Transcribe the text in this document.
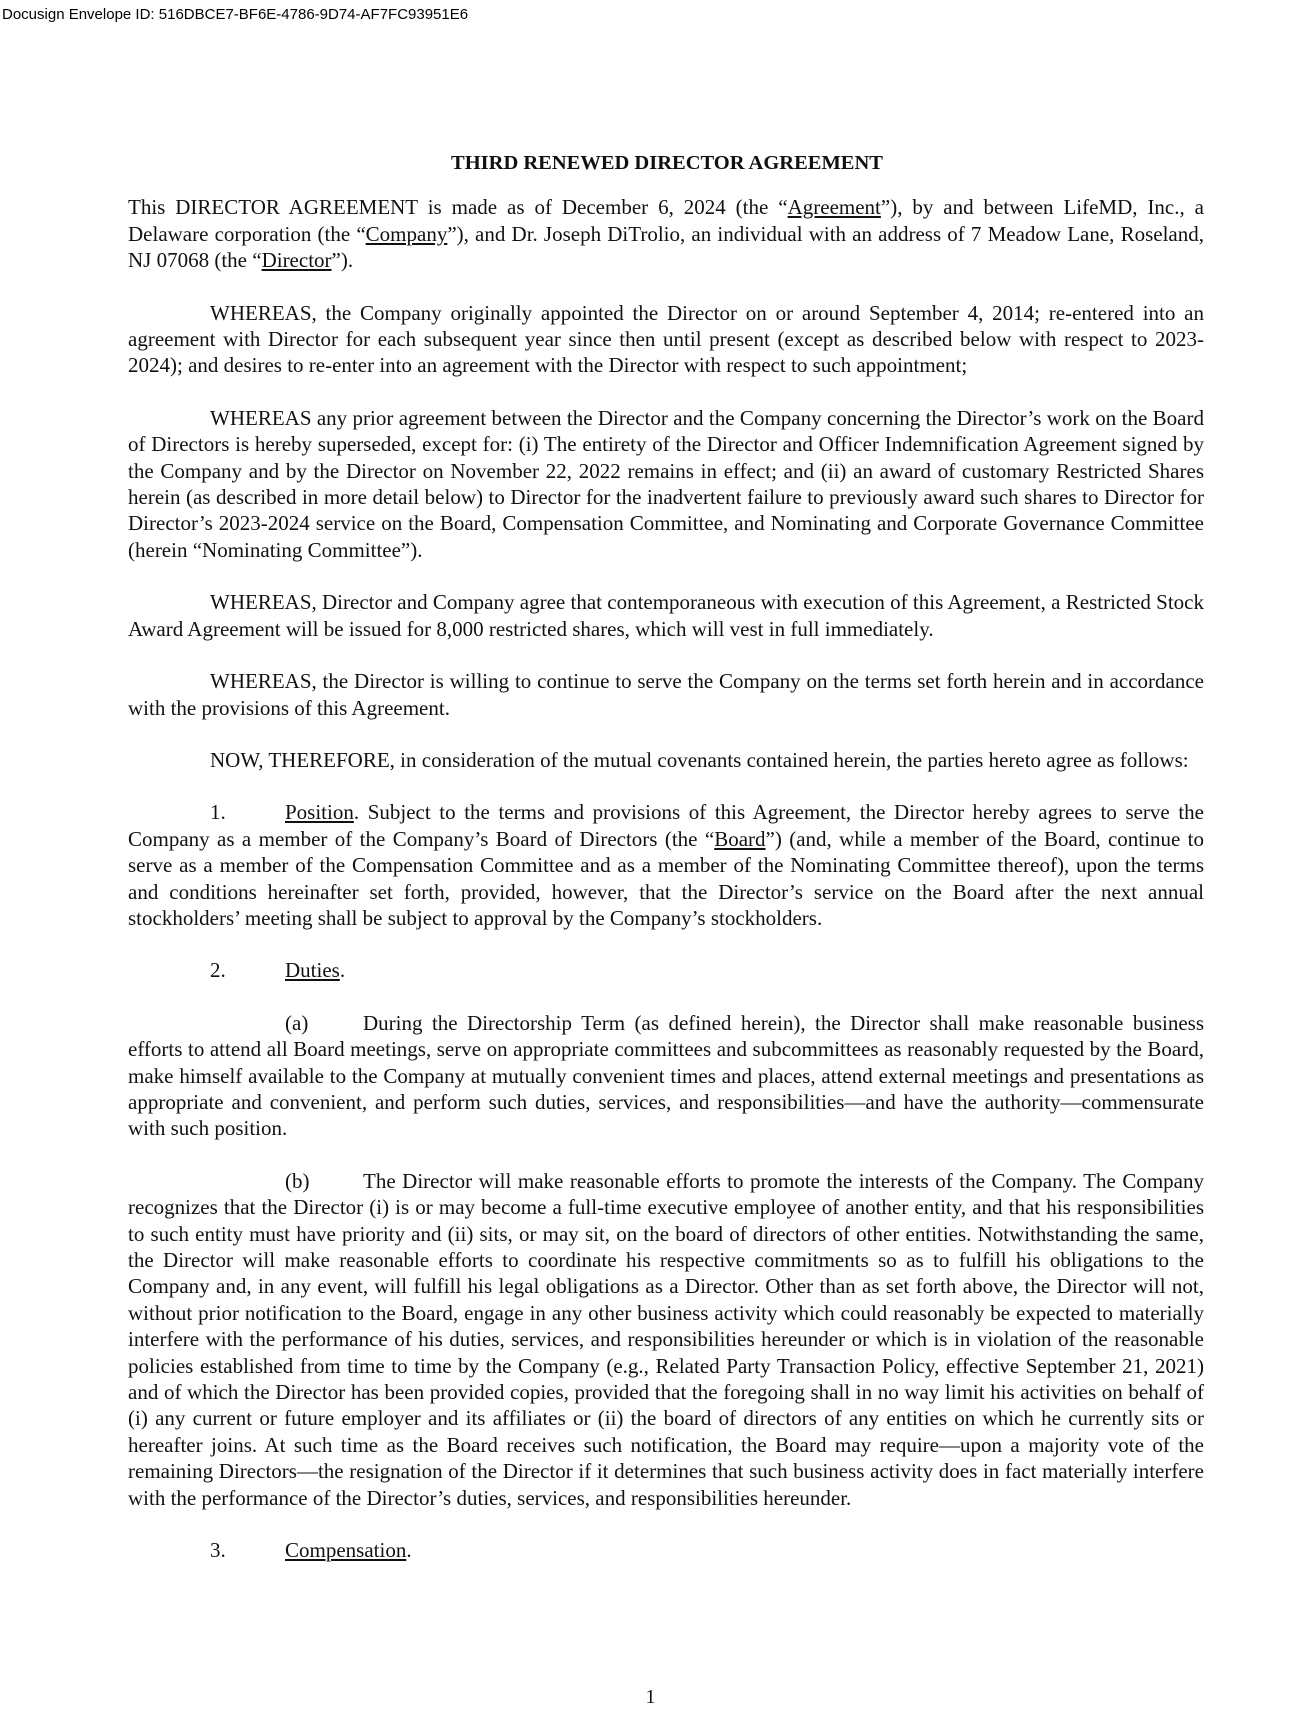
Docusign Envelope ID: 516DBCE7-BF6E-4786-9D74-AF7FC93951E6
THIRD RENEWED DIRECTOR AGREEMENT
This DIRECTOR AGREEMENT is made as of December 6, 2024 (the “Agreement”), by and between LifeMD, Inc., a Delaware corporation (the “Company”), and Dr. Joseph DiTrolio, an individual with an address of 7 Meadow Lane, Roseland, NJ 07068 (the “Director”).
WHEREAS, the Company originally appointed the Director on or around September 4, 2014; re-entered into an agreement with Director for each subsequent year since then until present (except as described below with respect to 2023-2024); and desires to re-enter into an agreement with the Director with respect to such appointment;
WHEREAS any prior agreement between the Director and the Company concerning the Director’s work on the Board of Directors is hereby superseded, except for: (i) The entirety of the Director and Officer Indemnification Agreement signed by the Company and by the Director on November 22, 2022 remains in effect; and (ii) an award of customary Restricted Shares herein (as described in more detail below) to Director for the inadvertent failure to previously award such shares to Director for Director’s 2023-2024 service on the Board, Compensation Committee, and Nominating and Corporate Governance Committee (herein “Nominating Committee”).
WHEREAS, Director and Company agree that contemporaneous with execution of this Agreement, a Restricted Stock Award Agreement will be issued for 8,000 restricted shares, which will vest in full immediately.
WHEREAS, the Director is willing to continue to serve the Company on the terms set forth herein and in accordance with the provisions of this Agreement.
NOW, THEREFORE, in consideration of the mutual covenants contained herein, the parties hereto agree as follows:
1.	Position. Subject to the terms and provisions of this Agreement, the Director hereby agrees to serve the Company as a member of the Company’s Board of Directors (the “Board”) (and, while a member of the Board, continue to serve as a member of the Compensation Committee and as a member of the Nominating Committee thereof), upon the terms and conditions hereinafter set forth, provided, however, that the Director’s service on the Board after the next annual stockholders’ meeting shall be subject to approval by the Company’s stockholders.
2.	Duties.
(a)	During the Directorship Term (as defined herein), the Director shall make reasonable business efforts to attend all Board meetings, serve on appropriate committees and subcommittees as reasonably requested by the Board, make himself available to the Company at mutually convenient times and places, attend external meetings and presentations as appropriate and convenient, and perform such duties, services, and responsibilities—and have the authority—commensurate with such position.
(b)	The Director will make reasonable efforts to promote the interests of the Company. The Company recognizes that the Director (i) is or may become a full-time executive employee of another entity, and that his responsibilities to such entity must have priority and (ii) sits, or may sit, on the board of directors of other entities. Notwithstanding the same, the Director will make reasonable efforts to coordinate his respective commitments so as to fulfill his obligations to the Company and, in any event, will fulfill his legal obligations as a Director. Other than as set forth above, the Director will not, without prior notification to the Board, engage in any other business activity which could reasonably be expected to materially interfere with the performance of his duties, services, and responsibilities hereunder or which is in violation of the reasonable policies established from time to time by the Company (e.g., Related Party Transaction Policy, effective September 21, 2021) and of which the Director has been provided copies, provided that the foregoing shall in no way limit his activities on behalf of (i) any current or future employer and its affiliates or (ii) the board of directors of any entities on which he currently sits or hereafter joins. At such time as the Board receives such notification, the Board may require—upon a majority vote of the remaining Directors—the resignation of the Director if it determines that such business activity does in fact materially interfere with the performance of the Director’s duties, services, and responsibilities hereunder.
3.	Compensation.
1
